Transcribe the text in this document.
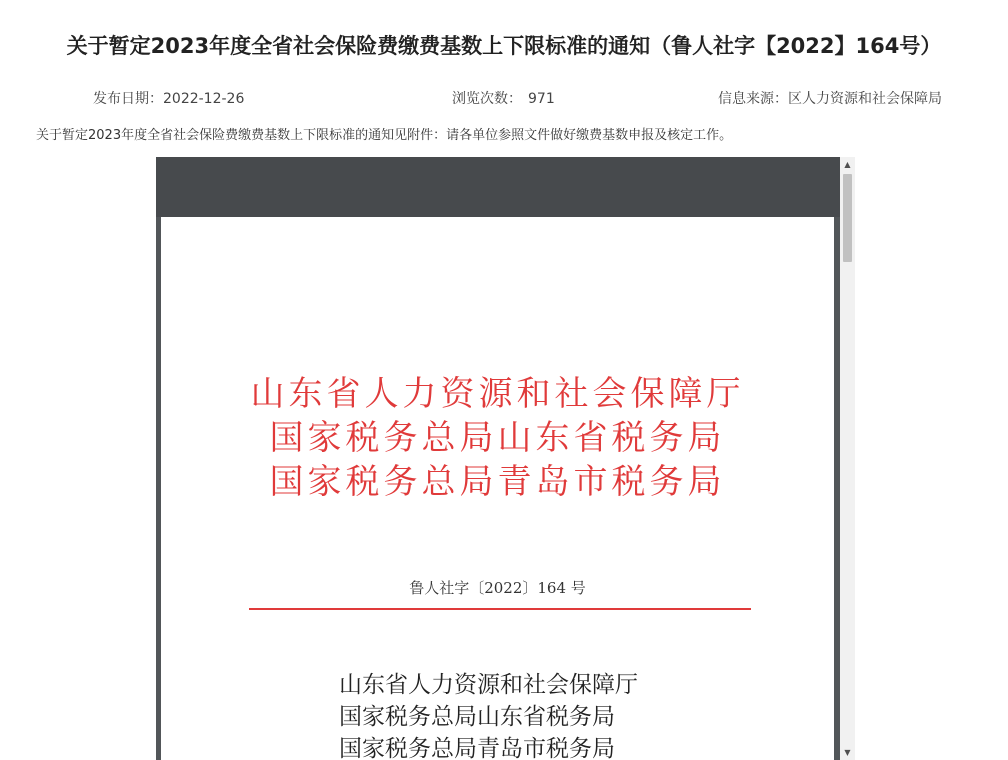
关于暂定2023年度全省社会保险费缴费基数上下限标准的通知（鲁人社字【2022】164号）
发布日期：2022-12-26	浏览次数： 971	信息来源：区人力资源和社会保障局

关于暂定2023年度全省社会保险费缴费基数上下限标准的通知见附件：请各单位参照文件做好缴费基数申报及核定工作。

山东省人力资源和社会保障厅
国家税务总局山东省税务局
国家税务总局青岛市税务局
鲁人社字〔2022〕164 号
山东省人力资源和社会保障厅
国家税务总局山东省税务局
国家税务总局青岛市税务局
▲
▼
